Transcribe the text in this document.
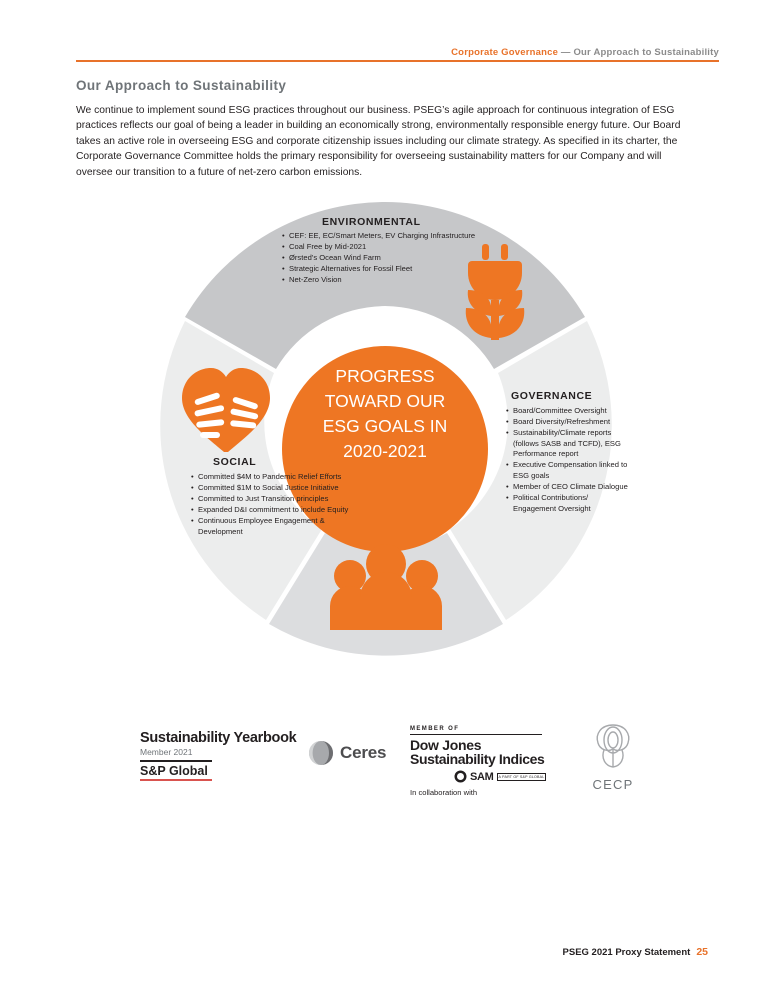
Corporate Governance — Our Approach to Sustainability
Our Approach to Sustainability
We continue to implement sound ESG practices throughout our business. PSEG’s agile approach for continuous integration of ESG practices reflects our goal of being a leader in building an economically strong, environmentally responsible energy future. Our Board takes an active role in overseeing ESG and corporate citizenship issues including our climate strategy. As specified in its charter, the Corporate Governance Committee holds the primary responsibility for overseeing sustainability matters for our Company and will oversee our transition to a future of net-zero carbon emissions.
PROGRESS
TOWARD OUR
ESG GOALS IN
2020-2021
ENVIRONMENTAL
• CEF: EE, EC/Smart Meters, EV Charging Infrastructure
• Coal Free by Mid-2021
• Ørsted’s Ocean Wind Farm
• Strategic Alternatives for Fossil Fleet
• Net-Zero Vision
GOVERNANCE
• Board/Committee Oversight
• Board Diversity/Refreshment
• Sustainability/Climate reports (follows SASB and TCFD), ESG Performance report
• Executive Compensation linked to ESG goals
• Member of CEO Climate Dialogue
• Political Contributions/ Engagement Oversight
SOCIAL
• Committed $4M to Pandemic Relief Efforts
• Committed $1M to Social Justice Initiative
• Committed to Just Transition principles
• Expanded D&I commitment to include Equity
• Continuous Employee Engagement & Development
Sustainability Yearbook
Member 2021
S&P Global
Ceres
MEMBER OF
Dow Jones
Sustainability Indices
SAM	A PART OF S&P GLOBAL
In collaboration with
CECP
PSEG 2021 Proxy Statement 25
